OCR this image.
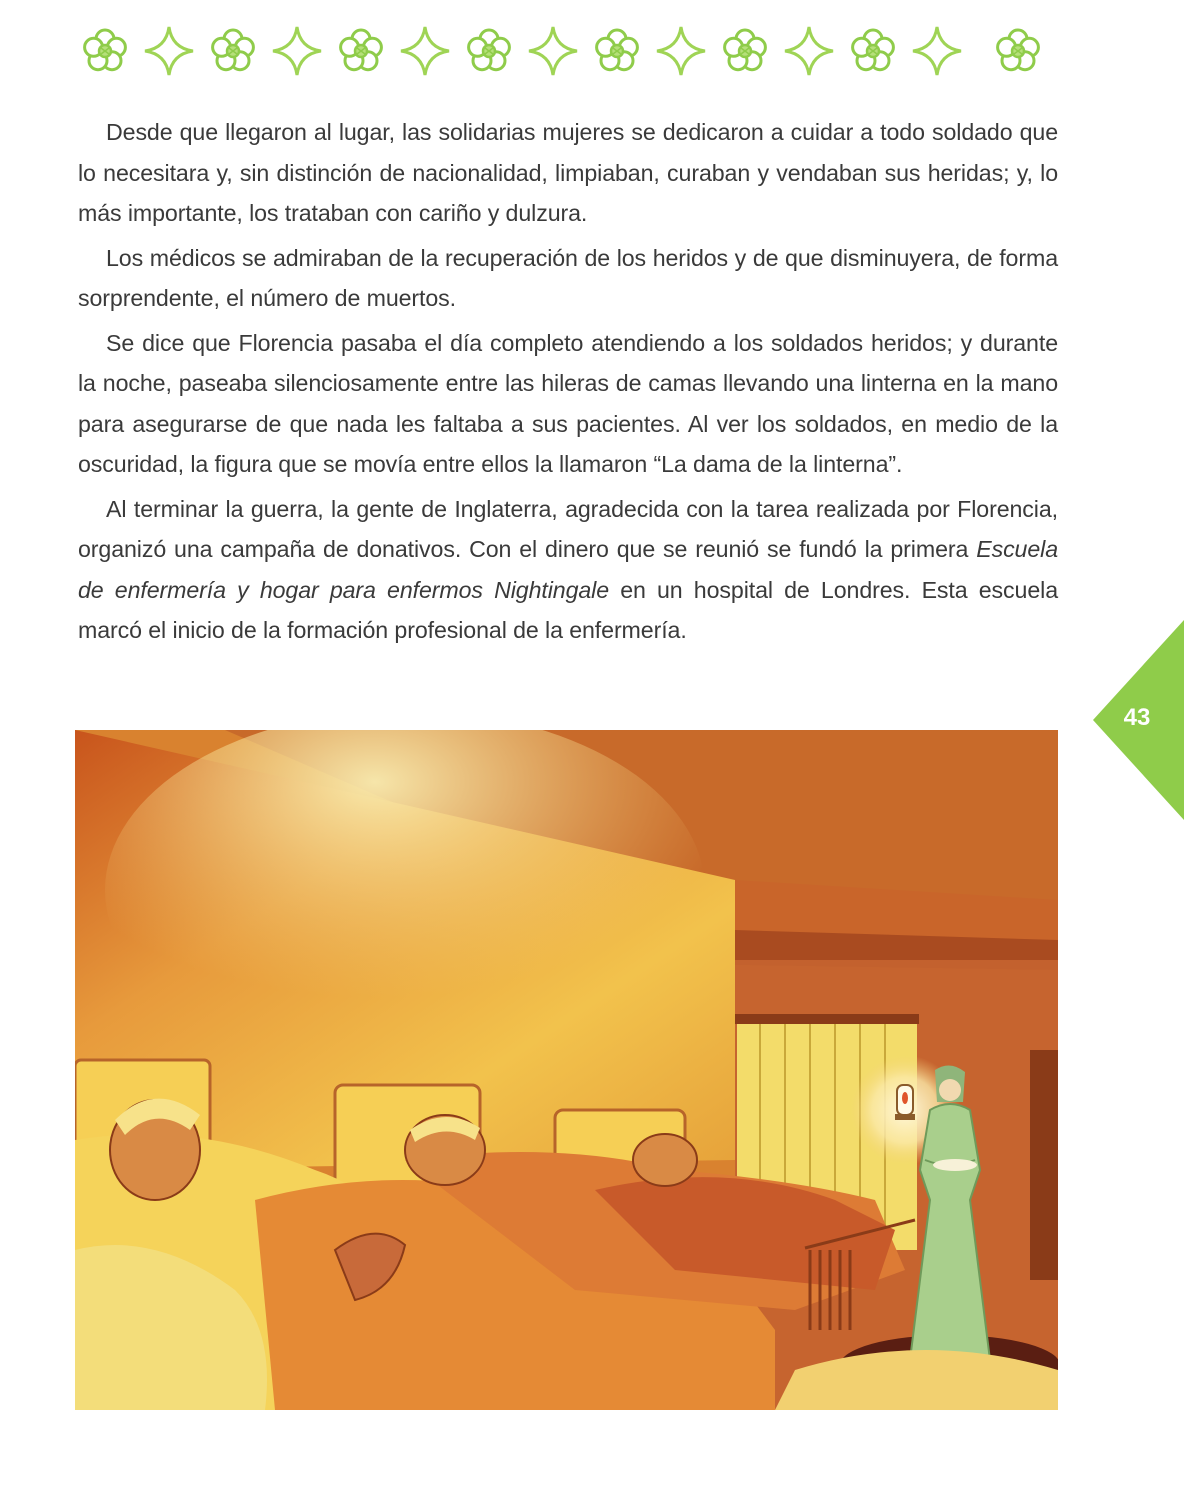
Desde que llegaron al lugar, las solidarias mujeres se dedicaron a cuidar a todo soldado que lo necesitara y, sin distinción de nacionalidad, limpiaban, curaban y vendaban sus heridas; y, lo más importante, los trataban con cariño y dulzura.

Los médicos se admiraban de la recuperación de los heridos y de que disminuyera, de forma sorprendente, el número de muertos.

Se dice que Florencia pasaba el día completo atendiendo a los soldados heridos; y durante la noche, paseaba silenciosamente entre las hileras de camas llevando una linterna en la mano para asegurarse de que nada les faltaba a sus pacientes. Al ver los soldados, en medio de la oscuridad, la figura que se movía entre ellos la llamaron “La dama de la linterna”.

Al terminar la guerra, la gente de Inglaterra, agradecida con la tarea realizada por Florencia, organizó una campaña de donativos. Con el dinero que se reunió se fundó la primera Escuela de enfermería y hogar para enfermos Nightingale en un hospital de Londres. Esta escuela marcó el inicio de la formación profesional de la enfermería.

43
